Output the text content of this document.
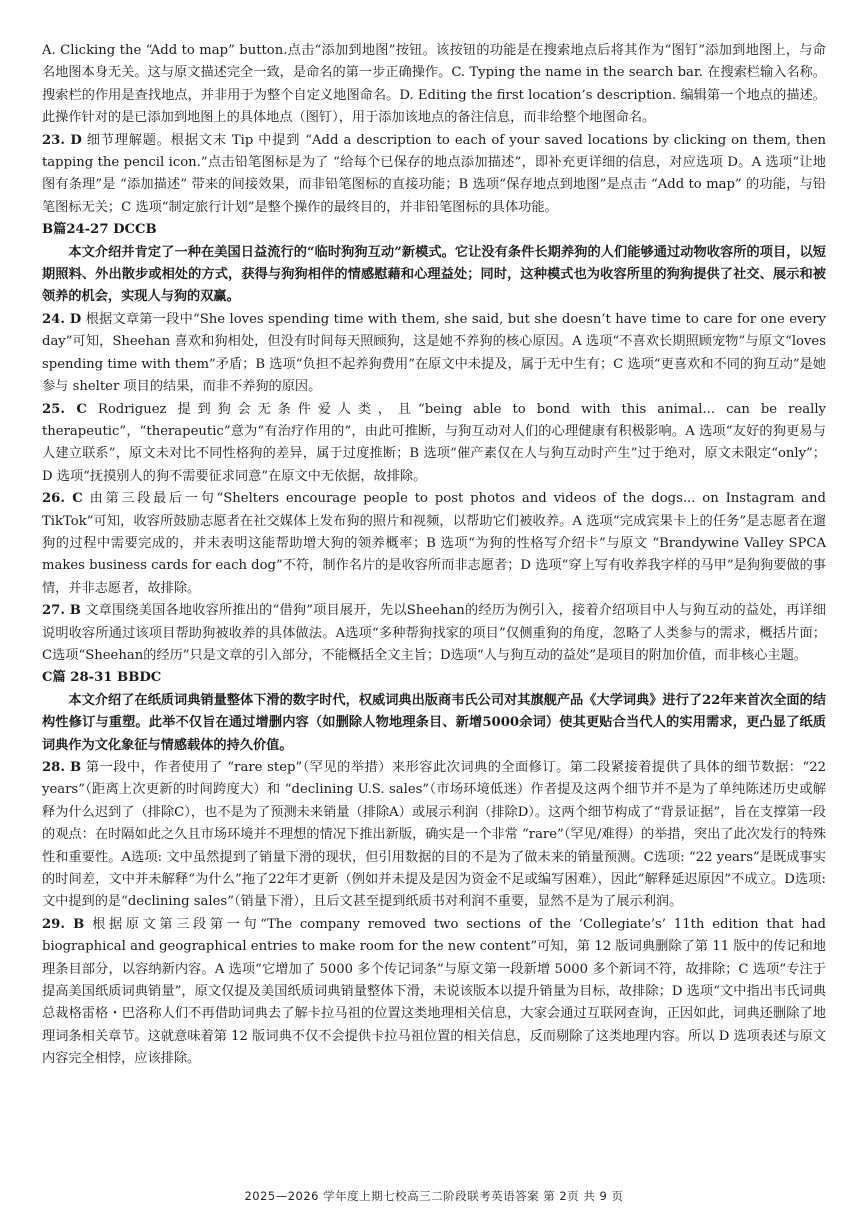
A. Clicking the “Add to map” button.点击“添加到地图”按钮。该按钮的功能是在搜索地点后将其作为“图钉”添加到地图上，与命名地图本身无关。这与原文描述完全一致，是命名的第一步正确操作。C. Typing the name in the search bar. 在搜索栏输入名称。搜索栏的作用是查找地点，并非用于为整个自定义地图命名。D. Editing the first location’s description. 编辑第一个地点的描述。此操作针对的是已添加到地图上的具体地点（图钉），用于添加该地点的备注信息，而非给整个地图命名。

23. D 细节理解题。根据文末 Tip 中提到 “Add a description to each of your saved locations by clicking on them, then tapping the pencil icon.”点击铅笔图标是为了 “给每个已保存的地点添加描述”，即补充更详细的信息，对应选项 D。A 选项“让地图有条理”是 “添加描述” 带来的间接效果，而非铅笔图标的直接功能；B 选项“保存地点到地图”是点击 “Add to map” 的功能，与铅笔图标无关；C 选项“制定旅行计划”是整个操作的最终目的，并非铅笔图标的具体功能。

B篇24-27 DCCB

本文介绍并肯定了一种在美国日益流行的“临时狗狗互动”新模式。它让没有条件长期养狗的人们能够通过动物收容所的项目，以短期照料、外出散步或相处的方式，获得与狗狗相伴的情感慰藉和心理益处；同时，这种模式也为收容所里的狗狗提供了社交、展示和被领养的机会，实现人与狗的双赢。

24. D 根据文章第一段中“She loves spending time with them, she said, but she doesn’t have time to care for one every day”可知，Sheehan 喜欢和狗相处，但没有时间每天照顾狗，这是她不养狗的核心原因。A 选项“不喜欢长期照顾宠物”与原文“loves spending time with them”矛盾；B 选项“负担不起养狗费用”在原文中未提及，属于无中生有；C 选项“更喜欢和不同的狗互动”是她参与 shelter 项目的结果，而非不养狗的原因。

25. C Rodriguez 提到狗会无条件爱人类，且“being able to bond with this animal... can be really therapeutic”，“therapeutic”意为“有治疗作用的”，由此可推断，与狗互动对人们的心理健康有积极影响。A 选项“友好的狗更易与人建立联系”，原文未对比不同性格狗的差异，属于过度推断；B 选项“催产素仅在人与狗互动时产生”过于绝对，原文未限定“only”；D 选项“抚摸别人的狗不需要征求同意”在原文中无依据，故排除。

26. C 由第三段最后一句“Shelters encourage people to post photos and videos of the dogs... on Instagram and TikTok”可知，收容所鼓励志愿者在社交媒体上发布狗的照片和视频，以帮助它们被收养。A 选项“完成宾果卡上的任务”是志愿者在遛狗的过程中需要完成的，并未表明这能帮助增大狗的领养概率；B 选项“为狗的性格写介绍卡”与原文 “Brandywine Valley SPCA makes business cards for each dog”不符，制作名片的是收容所而非志愿者；D 选项“穿上写有收养我字样的马甲”是狗狗要做的事情，并非志愿者，故排除。

27. B 文章围绕美国各地收容所推出的“借狗”项目展开，先以Sheehan的经历为例引入，接着介绍项目中人与狗互动的益处，再详细说明收容所通过该项目帮助狗被收养的具体做法。A选项“多种帮狗找家的项目”仅侧重狗的角度，忽略了人类参与的需求，概括片面；C选项“Sheehan的经历”只是文章的引入部分，不能概括全文主旨；D选项“人与狗互动的益处”是项目的附加价值，而非核心主题。

C篇 28-31 BBDC

本文介绍了在纸质词典销量整体下滑的数字时代，权威词典出版商韦氏公司对其旗舰产品《大学词典》进行了22年来首次全面的结构性修订与重塑。此举不仅旨在通过增删内容（如删除人物地理条目、新增5000余词）使其更贴合当代人的实用需求，更凸显了纸质词典作为文化象征与情感载体的持久价值。

28. B 第一段中，作者使用了 “rare step”（罕见的举措）来形容此次词典的全面修订。第二段紧接着提供了具体的细节数据：“22 years”（距离上次更新的时间跨度大）和 “declining U.S. sales”（市场环境低迷）作者提及这两个细节并不是为了单纯陈述历史或解释为什么迟到了（排除C），也不是为了预测未来销量（排除A）或展示利润（排除D）。这两个细节构成了“背景证据”，旨在支撑第一段的观点：在时隔如此之久且市场环境并不理想的情况下推出新版，确实是一个非常 “rare”（罕见/难得）的举措，突出了此次发行的特殊性和重要性。A选项: 文中虽然提到了销量下滑的现状，但引用数据的目的不是为了做未来的销量预测。C选项: “22 years”是既成事实的时间差，文中并未解释“为什么”拖了22年才更新（例如并未提及是因为资金不足或编写困难），因此“解释延迟原因”不成立。D选项: 文中提到的是“declining sales”（销量下滑），且后文甚至提到纸质书对利润不重要，显然不是为了展示利润。

29. B 根据原文第三段第一句“The company removed two sections of the ‘Collegiate’s’ 11th edition that had biographical and geographical entries to make room for the new content”可知，第 12 版词典删除了第 11 版中的传记和地理条目部分，以容纳新内容。A 选项“它增加了 5000 多个传记词条”与原文第一段新增 5000 多个新词不符，故排除；C 选项“专注于提高美国纸质词典销量”，原文仅提及美国纸质词典销量整体下滑，未说该版本以提升销量为目标，故排除；D 选项“文中指出韦氏词典总裁格雷格・巴洛称人们不再借助词典去了解卡拉马祖的位置这类地理相关信息，大家会通过互联网查询，正因如此，词典还删除了地理词条相关章节。这就意味着第 12 版词典不仅不会提供卡拉马祖位置的相关信息，反而剔除了这类地理内容。所以 D 选项表述与原文内容完全相悖，应该排除。

2025—2026 学年度上期七校高三二阶段联考英语答案 第 2页 共 9 页
